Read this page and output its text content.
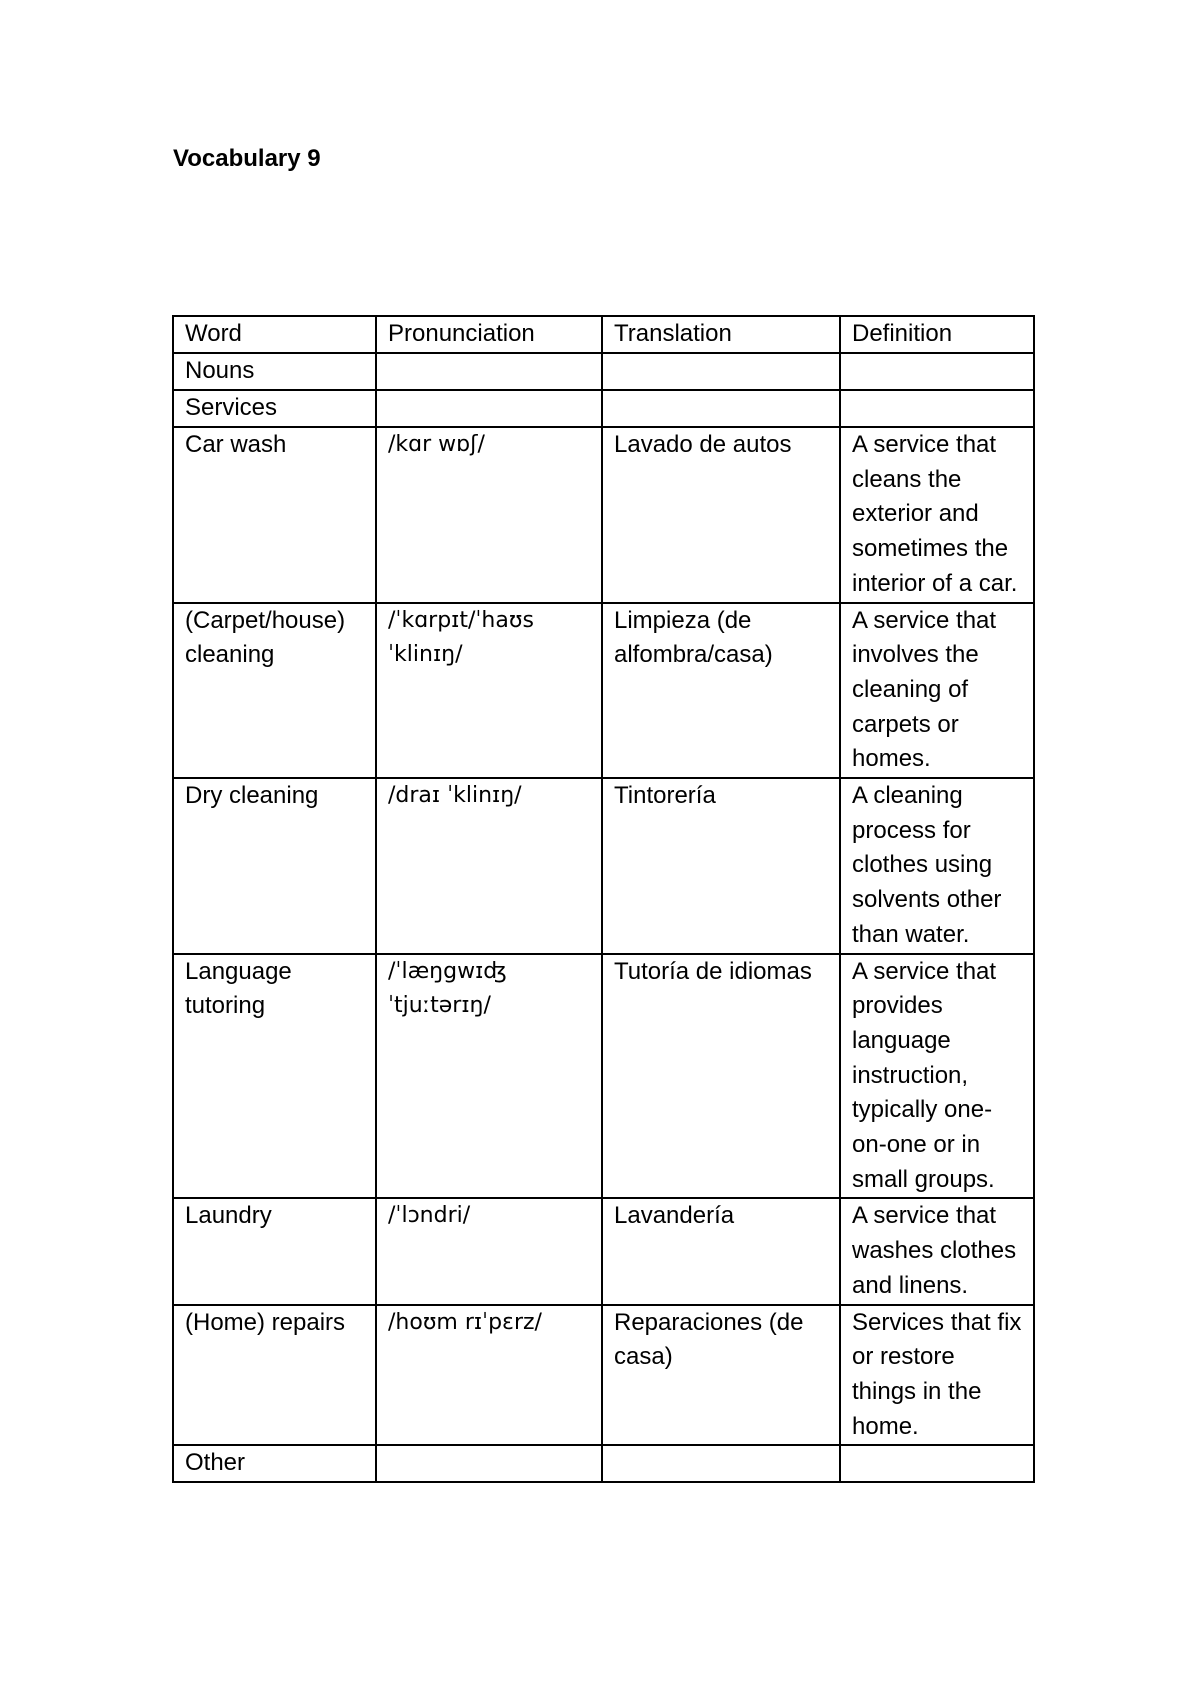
Vocabulary 9
Word	Pronunciation	Translation	Definition
Nouns			
Services			
Car wash	/kɑr wɒʃ/	Lavado de autos	A service that cleans the exterior and sometimes the interior of a car.
(Carpet/house) cleaning	/ˈkɑrpɪt/ˈhaʊs ˈklinɪŋ/	Limpieza (de alfombra/casa)	A service that involves the cleaning of carpets or homes.
Dry cleaning	/draɪ ˈklinɪŋ/	Tintorería	A cleaning process for clothes using solvents other than water.
Language tutoring	/ˈlæŋgwɪʤ ˈtjuːtərɪŋ/	Tutoría de idiomas	A service that provides language instruction, typically one-on-one or in small groups.
Laundry	/ˈlɔndri/	Lavandería	A service that washes clothes and linens.
(Home) repairs	/hoʊm rɪˈpɛrz/	Reparaciones (de casa)	Services that fix or restore things in the home.
Other			
